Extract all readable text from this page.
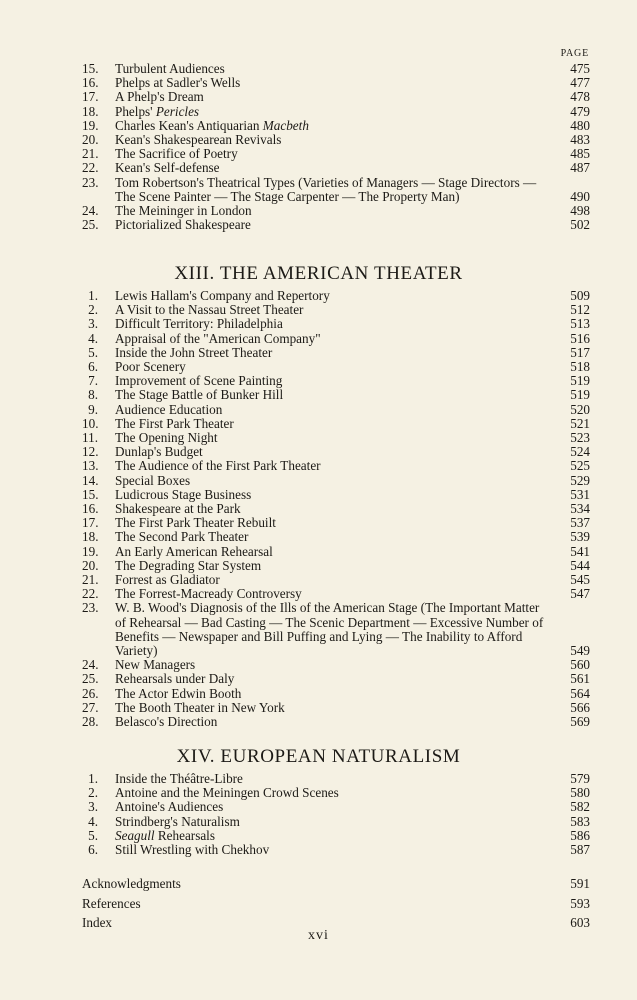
PAGE
15. Turbulent Audiences	475
16. Phelps at Sadler's Wells	477
17. A Phelp's Dream	478
18. Phelps' Pericles	479
19. Charles Kean's Antiquarian Macbeth	480
20. Kean's Shakespearean Revivals	483
21. The Sacrifice of Poetry	485
22. Kean's Self-defense	487
23. Tom Robertson's Theatrical Types (Varieties of Managers — Stage Directors — The Scene Painter — The Stage Carpenter — The Property Man)	490
24. The Meininger in London	498
25. Pictorialized Shakespeare	502
XIII. THE AMERICAN THEATER
1. Lewis Hallam's Company and Repertory	509
2. A Visit to the Nassau Street Theater	512
3. Difficult Territory: Philadelphia	513
4. Appraisal of the "American Company"	516
5. Inside the John Street Theater	517
6. Poor Scenery	518
7. Improvement of Scene Painting	519
8. The Stage Battle of Bunker Hill	519
9. Audience Education	520
10. The First Park Theater	521
11. The Opening Night	523
12. Dunlap's Budget	524
13. The Audience of the First Park Theater	525
14. Special Boxes	529
15. Ludicrous Stage Business	531
16. Shakespeare at the Park	534
17. The First Park Theater Rebuilt	537
18. The Second Park Theater	539
19. An Early American Rehearsal	541
20. The Degrading Star System	544
21. Forrest as Gladiator	545
22. The Forrest-Macready Controversy	547
23. W. B. Wood's Diagnosis of the Ills of the American Stage (The Important Matter of Rehearsal — Bad Casting — The Scenic Department — Excessive Number of Benefits — Newspaper and Bill Puffing and Lying — The Inability to Afford Variety)	549
24. New Managers	560
25. Rehearsals under Daly	561
26. The Actor Edwin Booth	564
27. The Booth Theater in New York	566
28. Belasco's Direction	569
XIV. EUROPEAN NATURALISM
1. Inside the Théâtre-Libre	579
2. Antoine and the Meiningen Crowd Scenes	580
3. Antoine's Audiences	582
4. Strindberg's Naturalism	583
5. Seagull Rehearsals	586
6. Still Wrestling with Chekhov	587
Acknowledgments	591
References	593
Index	603
xvi
